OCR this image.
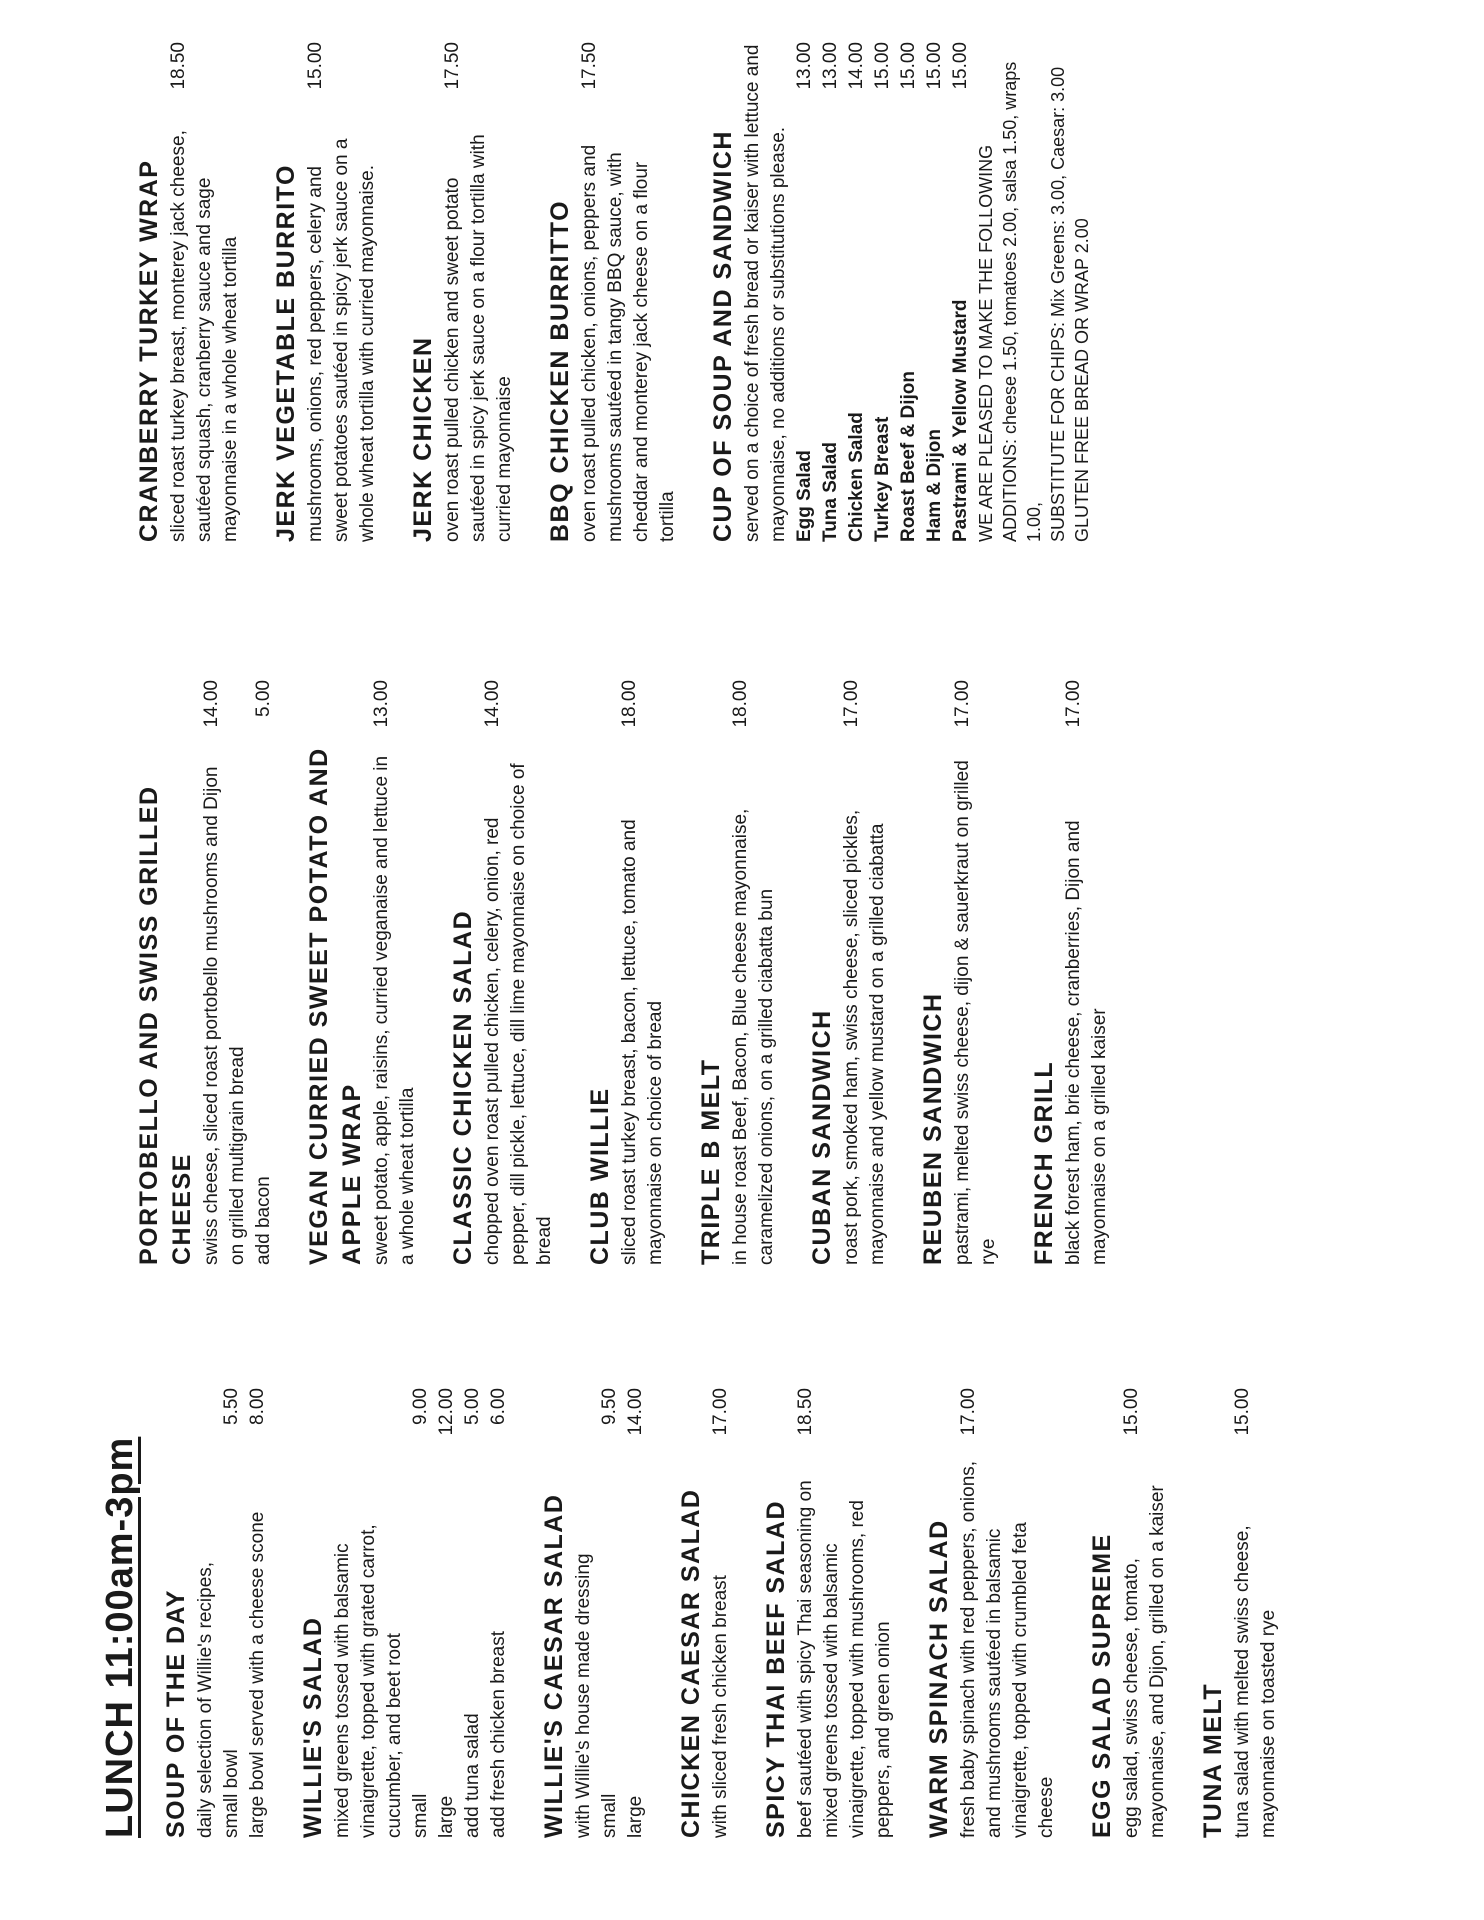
LUNCH 11:00am-3pm SOUP OF THE DAY daily selection of Willie's recipes, small bowl
5.50
large bowl served with a cheese scone
8.00
WILLIE'S SALAD mixed greens tossed with balsamic vinaigrette, topped with grated carrot, cucumber, and beet root small
9.00
large
12.00
add tuna salad
5.00
add fresh chicken breast
6.00
WILLIE'S CAESAR SALAD with Willie's house made dressing small
9.50
large
14.00
CHICKEN CAESAR SALAD with sliced fresh chicken breast
17.00
SPICY THAI BEEF SALAD beef sautéed with spicy Thai seasoning on mixed greens tossed with balsamic vinaigrette, topped with mushrooms, red peppers, and green onion
18.50
WARM SPINACH SALAD fresh baby spinach with red peppers, onions, and mushrooms sautéed in balsamic vinaigrette, topped with crumbled feta cheese
17.00
EGG SALAD SUPREME egg salad, swiss cheese, tomato, mayonnaise, and Dijon, grilled on a kaiser
15.00
TUNA MELT tuna salad with melted swiss cheese, mayonnaise on toasted rye
15.00
PORTOBELLO AND SWISS GRILLED CHEESE swiss cheese, sliced roast portobello mushrooms and Dijon on grilled multigrain bread
14.00
add bacon
5.00
VEGAN CURRIED SWEET POTATO AND APPLE WRAP sweet potato, apple, raisins, curried veganaise and lettuce in a whole wheat tortilla
13.00
CLASSIC CHICKEN SALAD chopped oven roast pulled chicken, celery, onion, red pepper, dill pickle, lettuce, dill lime mayonnaise on choice of bread
14.00
CLUB WILLIE sliced roast turkey breast, bacon, lettuce, tomato and mayonnaise on choice of bread
18.00
TRIPLE B MELT in house roast Beef, Bacon, Blue cheese mayonnaise, caramelized onions, on a grilled ciabatta bun
18.00
CUBAN SANDWICH roast pork, smoked ham, swiss cheese, sliced pickles, mayonnaise and yellow mustard on a grilled ciabatta
17.00
REUBEN SANDWICH pastrami, melted swiss cheese, dijon & sauerkraut on grilled rye
17.00
FRENCH GRILL black forest ham, brie cheese, cranberries, Dijon and mayonnaise on a grilled kaiser
17.00
CRANBERRY TURKEY WRAP sliced roast turkey breast, monterey jack cheese, sautéed squash, cranberry sauce and sage mayonnaise in a whole wheat tortilla
18.50
JERK VEGETABLE BURRITO mushrooms, onions, red peppers, celery and sweet potatoes sautéed in spicy jerk sauce on a whole wheat tortilla with curried mayonnaise.
15.00
JERK CHICKEN oven roast pulled chicken and sweet potato sautéed in spicy jerk sauce on a flour tortilla with curried mayonnaise
17.50
BBQ CHICKEN BURRITTO oven roast pulled chicken, onions, peppers and mushrooms sautéed in tangy BBQ sauce, with cheddar and monterey jack cheese on a flour tortilla
17.50
CUP OF SOUP AND SANDWICH served on a choice of fresh bread or kaiser with lettuce and mayonnaise, no additions or substitutions please. Egg Salad
13.00
Tuna Salad
13.00
Chicken Salad
14.00
Turkey Breast
15.00
Roast Beef & Dijon
15.00
Ham & Dijon
15.00
Pastrami & Yellow Mustard
15.00
WE ARE PLEASED TO MAKE THE FOLLOWING ADDITIONS: cheese 1.50, tomatoes 2.00, salsa 1.50, wraps 1.00, SUBSTITUTE FOR CHIPS: Mix Greens: 3.00, Caesar: 3.00 GLUTEN FREE BREAD OR WRAP 2.00
